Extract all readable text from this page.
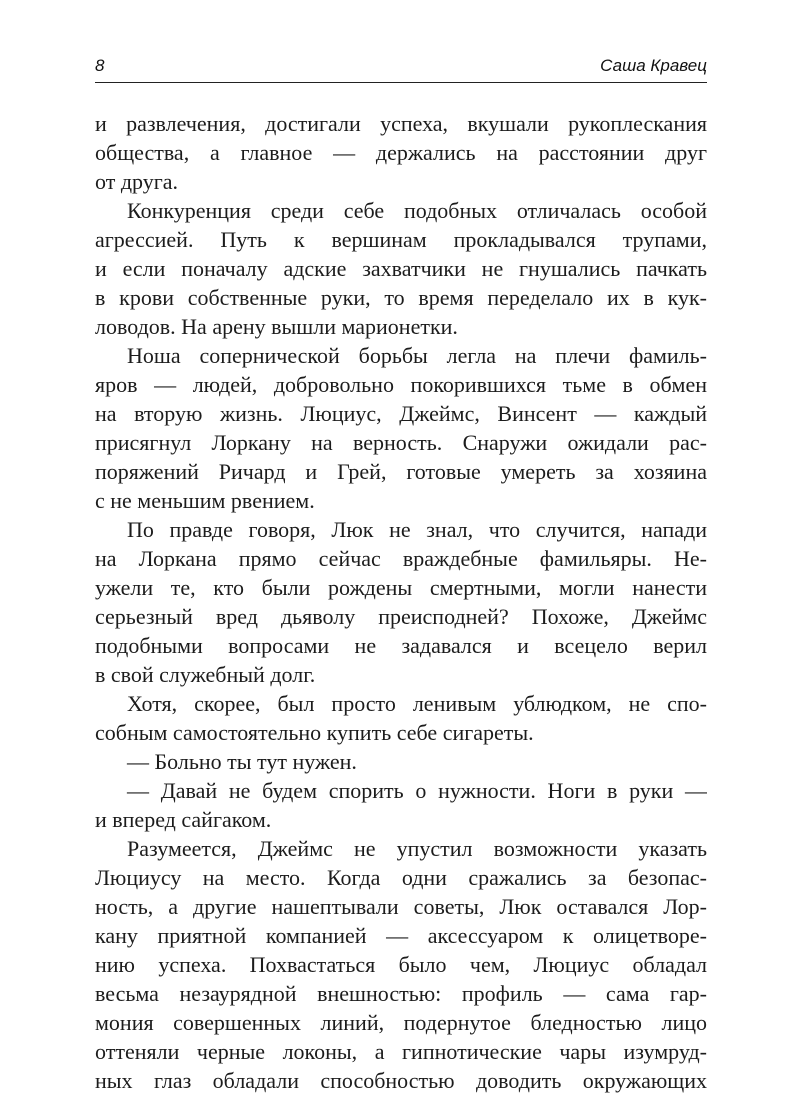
8	Саша Кравец
и развлечения, достигали успеха, вкушали рукоплескания
общества, а главное — держались на расстоянии друг
от друга.
Конкуренция среди себе подобных отличалась особой
агрессией. Путь к вершинам прокладывался трупами,
и если поначалу адские захватчики не гнушались пачкать
в крови собственные руки, то время переделало их в кук-
ловодов. На арену вышли марионетки.
Ноша сопернической борьбы легла на плечи фамиль-
яров — людей, добровольно покорившихся тьме в обмен
на вторую жизнь. Люциус, Джеймс, Винсент — каждый
присягнул Лоркану на верность. Снаружи ожидали рас-
поряжений Ричард и Грей, готовые умереть за хозяина
с не меньшим рвением.
По правде говоря, Люк не знал, что случится, напади
на Лоркана прямо сейчас враждебные фамильяры. Не-
ужели те, кто были рождены смертными, могли нанести
серьезный вред дьяволу преисподней? Похоже, Джеймс
подобными вопросами не задавался и всецело верил
в свой служебный долг.
Хотя, скорее, был просто ленивым ублюдком, не спо-
собным самостоятельно купить себе сигареты.
— Больно ты тут нужен.
— Давай не будем спорить о нужности. Ноги в руки —
и вперед сайгаком.
Разумеется, Джеймс не упустил возможности указать
Люциусу на место. Когда одни сражались за безопас-
ность, а другие нашептывали советы, Люк оставался Лор-
кану приятной компанией — аксессуаром к олицетворе-
нию успеха. Похвастаться было чем, Люциус обладал
весьма незаурядной внешностью: профиль — сама гар-
мония совершенных линий, подернутое бледностью лицо
оттеняли черные локоны, а гипнотические чары изумруд-
ных глаз обладали способностью доводить окружающих
